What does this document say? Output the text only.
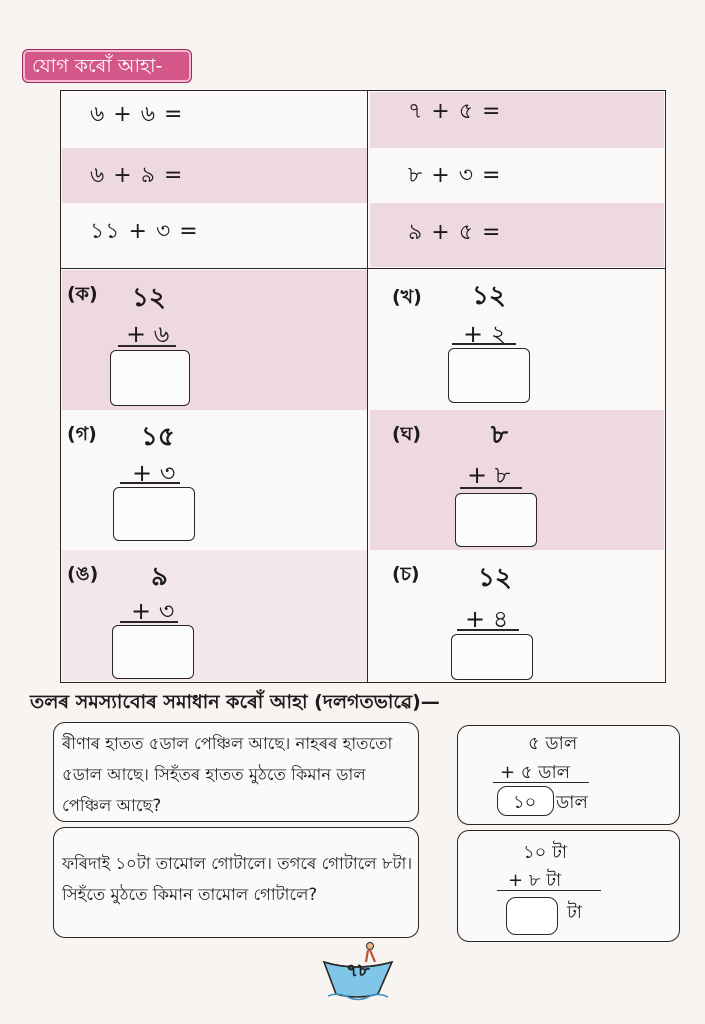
যোগ কৰোঁ আহা-
৬ + ৬ =
৬ + ৯ =
১১ + ৩ =
৭ + ৫ =
৮ + ৩ =
৯ + ৫ =
(ক) ১২
+ ৬
(খ) ১২
+ ২
(গ) ১৫
+ ৩
(ঘ)	৮
+ ৮
(ঙ) ৯
+ ৩
(চ) ১২
+ ৪
তলৰ সমস্যাবোৰ সমাধান কৰোঁ আহা (দলগতভাৱে)—
ৰীণাৰ হাতত ৫ডাল পেঞ্চিল আছে। নাহৰৰ হাততো ৫ডাল আছে। সিহঁতৰ হাতত মুঠতে কিমান ডাল পেঞ্চিল আছে?
৫ ডাল
+ ৫ ডাল
১০ ডাল
ফৰিদাই ১০টা তামোল গোটালে। তগৰে গোটালে ৮টা। সিহঁতে মুঠতে কিমান তামোল গোটালে?
১০ টা
+ ৮ টা
টা
৭৮
